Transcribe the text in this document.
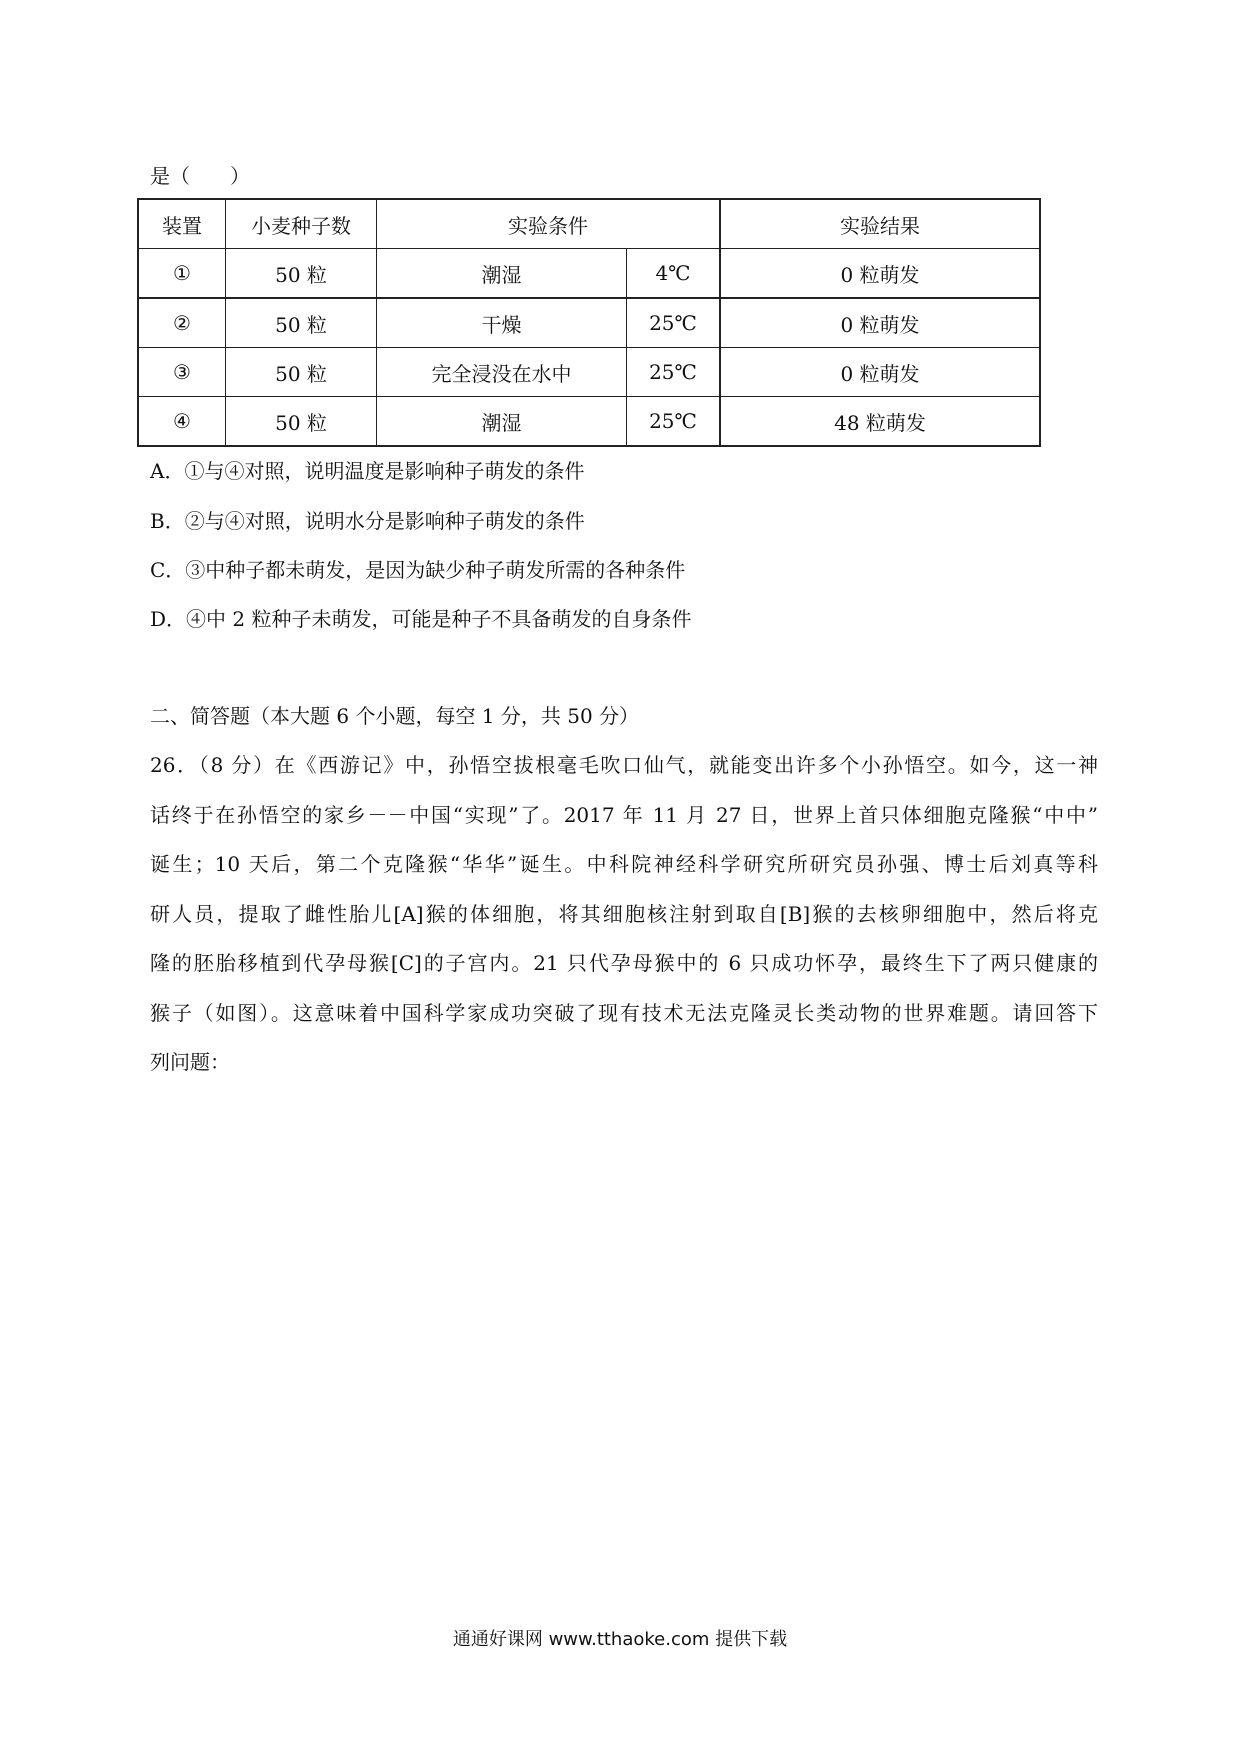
是（　　）
装置	小麦种子数	实验条件		实验结果
①	50 粒	潮湿	4℃	0 粒萌发
②	50 粒	干燥	25℃	0 粒萌发
③	50 粒	完全浸没在水中	25℃	0 粒萌发
④	50 粒	潮湿	25℃	48 粒萌发
A．①与④对照，说明温度是影响种子萌发的条件
B．②与④对照，说明水分是影响种子萌发的条件
C．③中种子都未萌发，是因为缺少种子萌发所需的各种条件
D．④中 2 粒种子未萌发，可能是种子不具备萌发的自身条件
二、简答题（本大题 6 个小题，每空 1 分，共 50 分）
26．（8 分）在《西游记》中，孙悟空拔根毫毛吹口仙气，就能变出许多个小孙悟空。如今，这一神
话终于在孙悟空的家乡－－中国“实现”了。2017 年 11 月 27 日，世界上首只体细胞克隆猴“中中”
诞生；10 天后，第二个克隆猴“华华”诞生。中科院神经科学研究所研究员孙强、博士后刘真等科
研人员，提取了雌性胎儿[A]猴的体细胞，将其细胞核注射到取自[B]猴的去核卵细胞中，然后将克
隆的胚胎移植到代孕母猴[C]的子宫内。21 只代孕母猴中的 6 只成功怀孕，最终生下了两只健康的
猴子（如图）。这意味着中国科学家成功突破了现有技术无法克隆灵长类动物的世界难题。请回答下
列问题：
通通好课网 www.tthaoke.com 提供下载
